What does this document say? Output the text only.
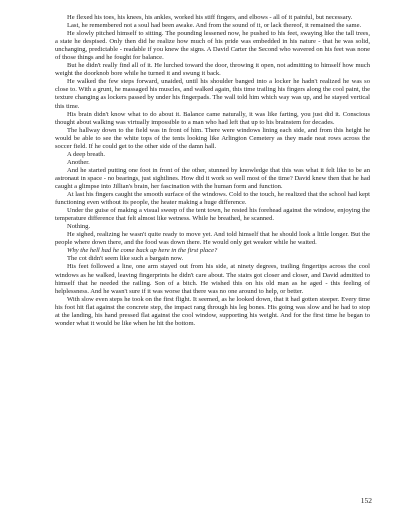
He flexed his toes, his knees, his ankles, worked his stiff fingers, and elbows - all of it painful, but necessary.

Last, he remembered not a soul had been awake. And from the sound of it, or lack thereof, it remained the same.

He slowly pitched himself to sitting. The pounding lessened now, he pushed to his feet, swaying like the tall trees, a state he despised. Only then did he realize how much of his pride was embedded in his nature - that he was solid, unchanging, predictable - readable if you knew the signs. A David Carter the Second who wavered on his feet was none of those things and he fought for balance.

But he didn't really find all of it. He lurched toward the door, throwing it open, not admitting to himself how much weight the doorknob bore while he turned it and swung it back.

He walked the few steps forward, unaided, until his shoulder banged into a locker he hadn't realized he was so close to. With a grunt, he massaged his muscles, and walked again, this time trailing his fingers along the cool paint, the texture changing as lockers passed by under his fingerpads. The wall told him which way was up, and he stayed vertical this time.

His brain didn't know what to do about it. Balance came naturally, it was like farting, you just did it. Conscious thought about walking was virtually impossible to a man who had left that up to his brainstem for decades.

The hallway down to the field was in front of him. There were windows lining each side, and from this height he would be able to see the white tops of the tents looking like Arlington Cemetery as they made neat rows across the soccer field. If he could get to the other side of the damn hall.

A deep breath.

Another.

And he started putting one foot in front of the other, stunned by knowledge that this was what it felt like to be an astronaut in space - no bearings, just sightlines. How did it work so well most of the time? David knew then that he had caught a glimpse into Jillian's brain, her fascination with the human form and function.

At last his fingers caught the smooth surface of the windows. Cold to the touch, he realized that the school had kept functioning even without its people, the heater making a huge difference.

Under the guise of making a visual sweep of the tent town, he rested his forehead against the window, enjoying the temperature difference that felt almost like wetness. While he breathed, he scanned.

Nothing.

He sighed, realizing he wasn't quite ready to move yet. And told himself that he should look a little longer. But the people where down there, and the food was down there. He would only get weaker while he waited.

Why the hell had he come back up here in the first place?

The cot didn't seem like such a bargain now.

His feet followed a line, one arm stayed out from his side, at ninety degrees, trailing fingertips across the cool windows as he walked, leaving fingerprints he didn't care about. The stairs got closer and closer, and David admitted to himself that he needed the railing. Son of a bitch. He wished this on his old man as he aged - this feeling of helplessness. And he wasn't sure if it was worse that there was no one around to help, or better.

With slow even steps he took on the first flight. It seemed, as he looked down, that it had gotten steeper. Every time his foot hit flat against the concrete step, the impact rang through his leg bones. His going was slow and he had to stop at the landing, his hand pressed flat against the cool window, supporting his weight. And for the first time he began to wonder what it would be like when he hit the bottom.

152
